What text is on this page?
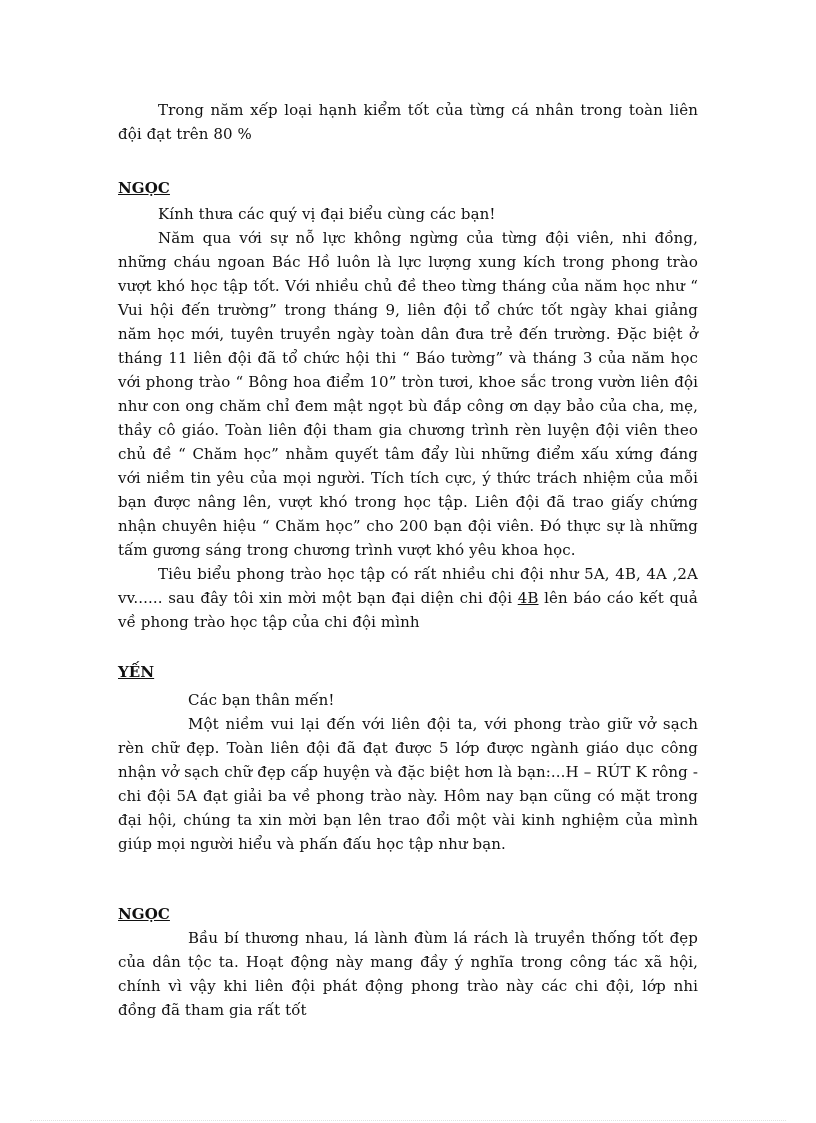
Trong năm xếp loại hạnh kiểm tốt của từng cá nhân trong toàn liên đội đạt trên 80 %

NGỌC

Kính thưa các quý vị đại biểu cùng các bạn!

Năm qua với sự nỗ lực không ngừng của từng đội viên, nhi đồng, những cháu ngoan Bác Hồ luôn là lực lượng xung kích trong phong trào vượt khó học tập tốt. Với nhiều chủ đề theo từng tháng của năm học như “ Vui hội đến trường” trong tháng 9, liên đội tổ chức tốt ngày khai giảng năm học mới, tuyên truyền ngày toàn dân đưa trẻ đến trường. Đặc biệt ở tháng 11 liên đội đã tổ chức hội thi “ Báo tường” và tháng 3 của năm học với phong trào “ Bông hoa điểm 10” tròn tươi, khoe sắc trong vườn liên đội như con ong chăm chỉ đem mật ngọt bù đắp công ơn dạy bảo của cha, mẹ, thầy cô giáo. Toàn liên đội tham gia chương trình rèn luyện đội viên theo chủ đề “ Chăm học” nhằm quyết tâm đẩy lùi những điểm xấu xứng đáng với niềm tin yêu của mọi người. Tích tích cực, ý thức trách nhiệm của mỗi bạn được nâng lên, vượt khó trong học tập. Liên đội đã trao giấy chứng nhận chuyên hiệu “ Chăm học” cho 200 bạn đội viên. Đó thực sự là những tấm gương sáng trong chương trình vượt khó yêu khoa học.

Tiêu biểu phong trào học tập có rất nhiều chi đội như 5A, 4B, 4A ,2A vv...... sau đây tôi xin mời một bạn đại diện chi đội 4B lên báo cáo kết quả về phong trào học tập của chi đội mình

YẾN

Các bạn thân mến!

Một niềm vui lại đến với liên đội ta, với phong trào giữ vở sạch rèn chữ đẹp. Toàn liên đội đã đạt được 5 lớp được ngành giáo dục công nhận vở sạch chữ đẹp cấp huyện và đặc biệt hơn là bạn:...H – RÚT K rông - chi đội 5A đạt giải ba về phong trào này. Hôm nay bạn cũng có mặt trong đại hội, chúng ta xin mời bạn lên trao đổi một vài kinh nghiệm của mình giúp mọi người hiểu và phấn đấu học tập như bạn.

NGỌC

Bầu bí thương nhau, lá lành đùm lá rách là truyền thống tốt đẹp của dân tộc ta. Hoạt động này mang đầy ý nghĩa trong công tác xã hội, chính vì vậy khi liên đội phát động phong trào này các chi đội, lớp nhi đồng đã tham gia rất tốt
